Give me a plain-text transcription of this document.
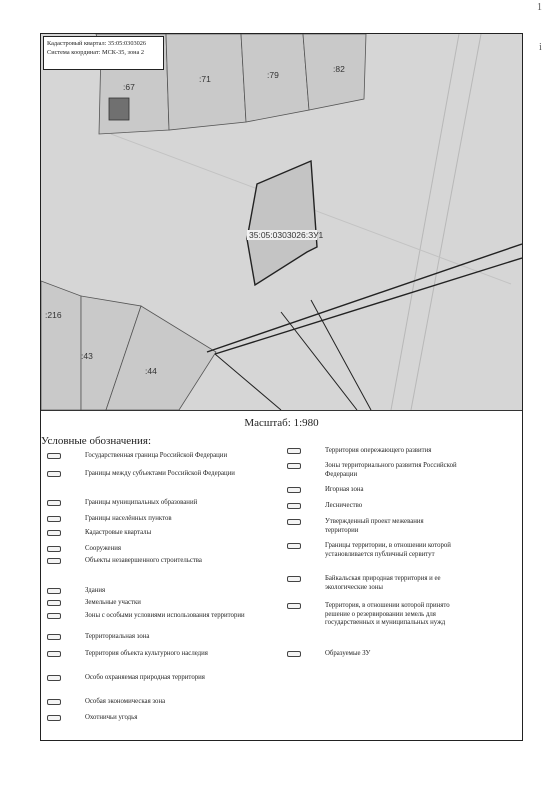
1
i
:67
:71	:79
:82
35:05:0303026:ЗУ1
:216
:43
:44
Кадастровый квартал: 35:05:0303026
Система координат: МСК-35, зона 2
Масштаб: 1:980
Условные обозначения:
Государственная граница Российской Федерации
Границы между субъектами Российской Федерации
Границы муниципальных образований
Границы населённых пунктов
Кадастровые кварталы
Сооружения
Объекты незавершенного строительства
Здания
Земельные участки
Зоны с особыми условиями использования территории
Территориальная зона
Территория объекта культурного наследия
Особо охраняемая природная территория
Особая экономическая зона
Охотничьи угодья
Территория опережающего развития
Зоны территориального развития Российской Федерации
Игорная зона
Лесничество
Утвержденный проект межевания территории
Границы территории, в отношении которой установливается публичный сервитут
Байкальская природная территория и ее экологические зоны
Территория, в отношении которой принято решение о резервировании земель для государственных и муниципальных нужд
Образуемые ЗУ
